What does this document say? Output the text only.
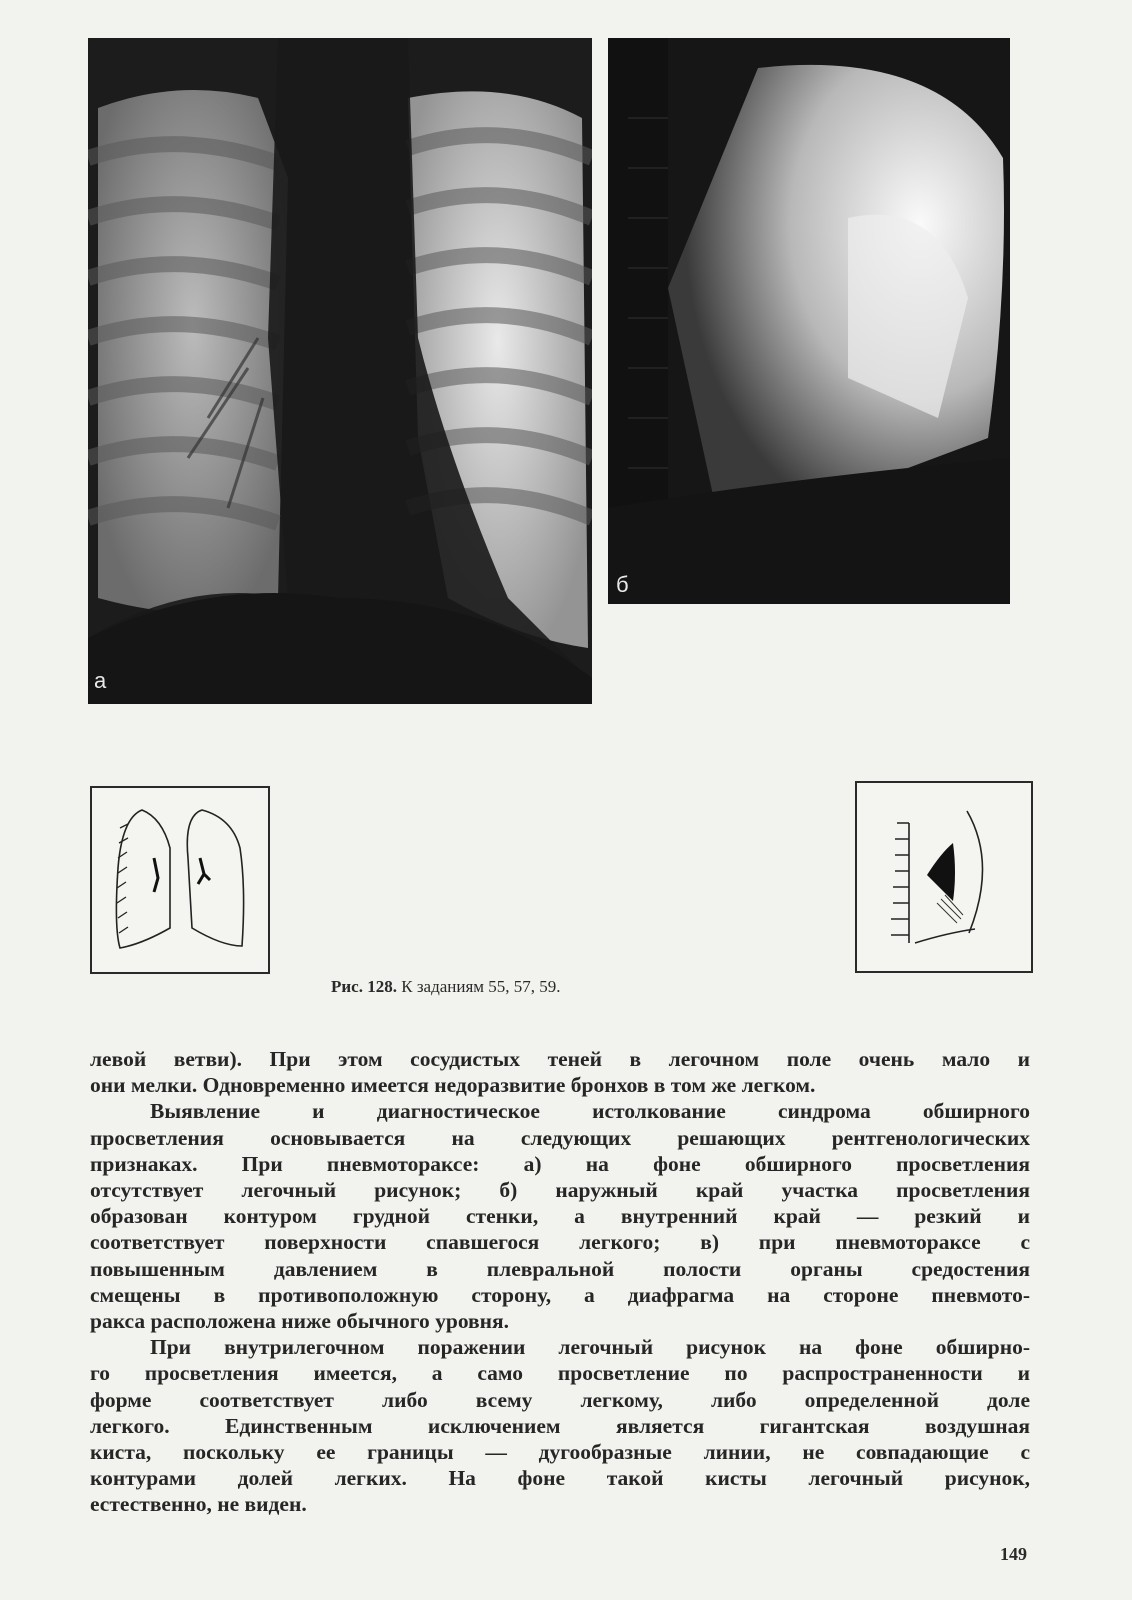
а
б
Рис. 128. К заданиям 55, 57, 59.

левой ветви). При этом сосудистых теней в легочном поле очень мало и
они мелки. Одновременно имеется недоразвитие бронхов в том же легком.

Выявление и диагностическое истолкование синдрома обширного
просветления основывается на следующих решающих рентгенологических
признаках. При пневмотораксе: а) на фоне обширного просветления
отсутствует легочный рисунок; б) наружный край участка просветления
образован контуром грудной стенки, а внутренний край — резкий и
соответствует поверхности спавшегося легкого; в) при пневмотораксе с
повышенным давлением в плевральной полости органы средостения
смещены в противоположную сторону, а диафрагма на стороне пневмото-
ракса расположена ниже обычного уровня.

При внутрилегочном поражении легочный рисунок на фоне обширно-
го просветления имеется, а само просветление по распространенности и
форме соответствует либо всему легкому, либо определенной доле
легкого. Единственным исключением является гигантская воздушная
киста, поскольку ее границы — дугообразные линии, не совпадающие с
контурами долей легких. На фоне такой кисты легочный рисунок,
естественно, не виден.

149
